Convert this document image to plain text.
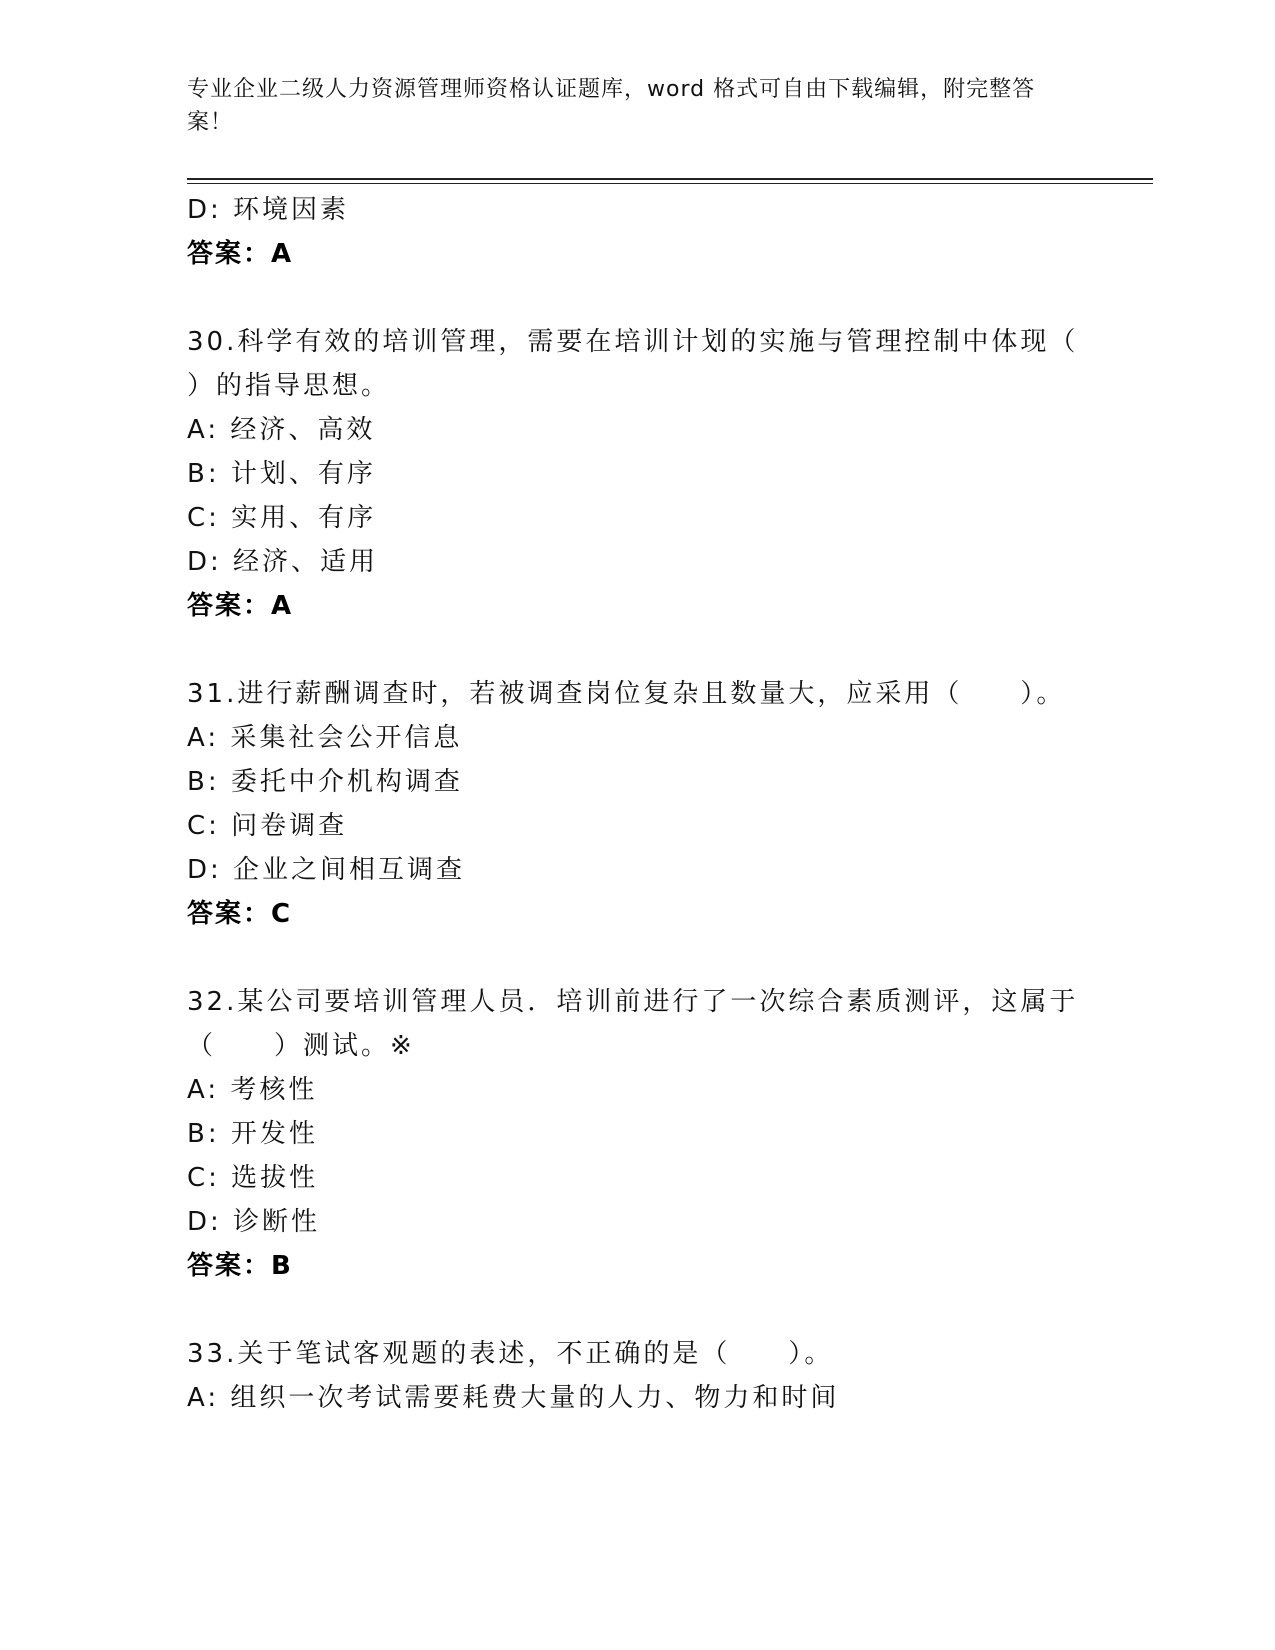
专业企业二级人力资源管理师资格认证题库，word 格式可自由下载编辑，附完整答案！
D: 环境因素
答案：A
30.科学有效的培训管理，需要在培训计划的实施与管理控制中体现（
）的指导思想。
A: 经济、高效
B: 计划、有序
C: 实用、有序
D: 经济、适用
答案：A
31.进行薪酬调查时，若被调查岗位复杂且数量大，应采用（　　）。
A: 采集社会公开信息
B: 委托中介机构调查
C: 问卷调查
D: 企业之间相互调查
答案：C
32.某公司要培训管理人员．培训前进行了一次综合素质测评，这属于
（　　）测试。※
A: 考核性
B: 开发性
C: 选拔性
D: 诊断性
答案：B
33.关于笔试客观题的表述，不正确的是（　　）。
A: 组织一次考试需要耗费大量的人力、物力和时间
